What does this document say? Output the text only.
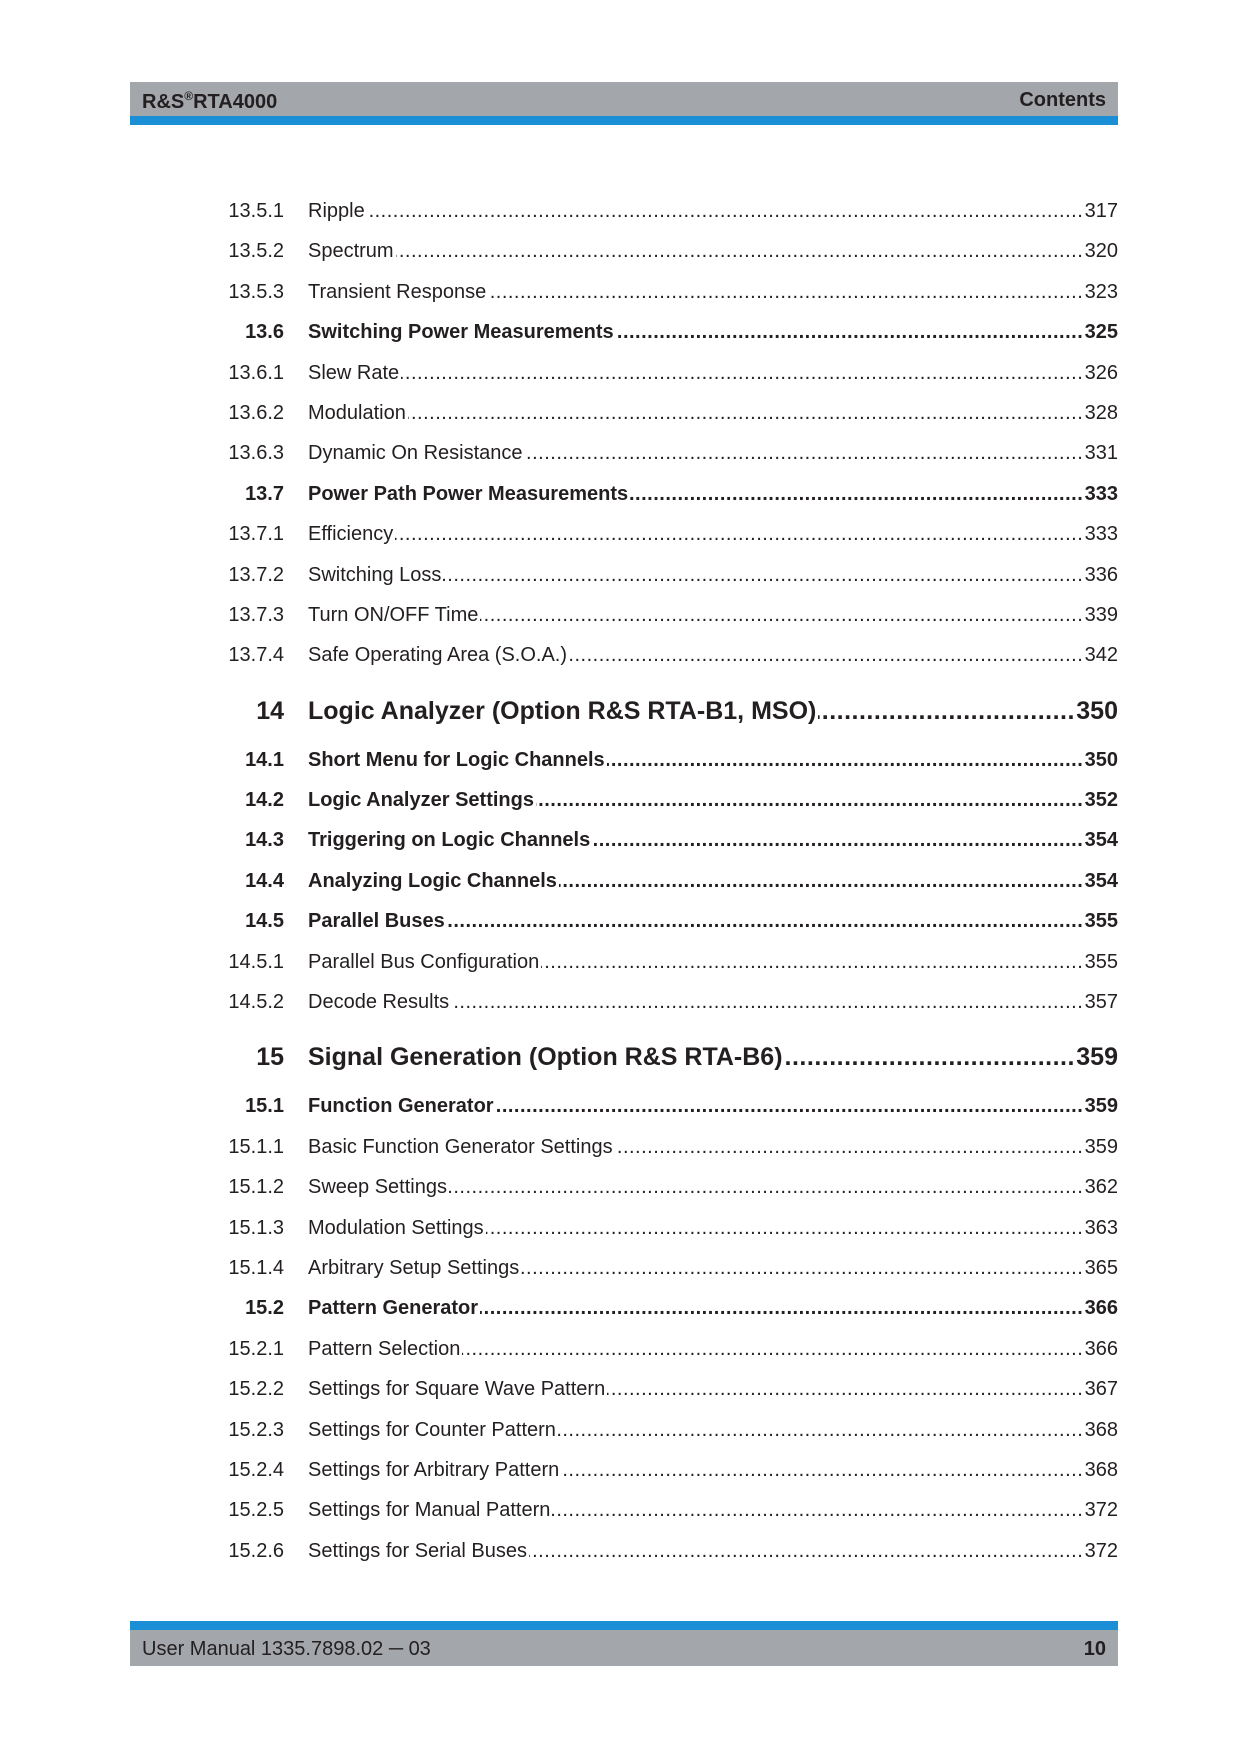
R&S®RTA4000	Contents
13.5.1 Ripple .....	317
13.5.2 Spectrum .....	320
13.5.3 Transient Response .....	323
13.6 Switching Power Measurements .....	325
13.6.1 Slew Rate .....	326
13.6.2 Modulation .....	328
13.6.3 Dynamic On Resistance .....	331
13.7 Power Path Power Measurements .....	333
13.7.1 Efficiency .....	333
13.7.2 Switching Loss .....	336
13.7.3 Turn ON/OFF Time .....	339
13.7.4 Safe Operating Area (S.O.A.) .....	342
14 Logic Analyzer (Option R&S RTA-B1, MSO) .....	350
14.1 Short Menu for Logic Channels .....	350
14.2 Logic Analyzer Settings .....	352
14.3 Triggering on Logic Channels .....	354
14.4 Analyzing Logic Channels .....	354
14.5 Parallel Buses .....	355
14.5.1 Parallel Bus Configuration .....	355
14.5.2 Decode Results .....	357
15 Signal Generation (Option R&S RTA-B6) .....	359
15.1 Function Generator .....	359
15.1.1 Basic Function Generator Settings .....	359
15.1.2 Sweep Settings .....	362
15.1.3 Modulation Settings .....	363
15.1.4 Arbitrary Setup Settings .....	365
15.2 Pattern Generator .....	366
15.2.1 Pattern Selection .....	366
15.2.2 Settings for Square Wave Pattern .....	367
15.2.3 Settings for Counter Pattern .....	368
15.2.4 Settings for Arbitrary Pattern .....	368
15.2.5 Settings for Manual Pattern .....	372
15.2.6 Settings for Serial Buses .....	372
User Manual 1335.7898.02 ─ 03	10
